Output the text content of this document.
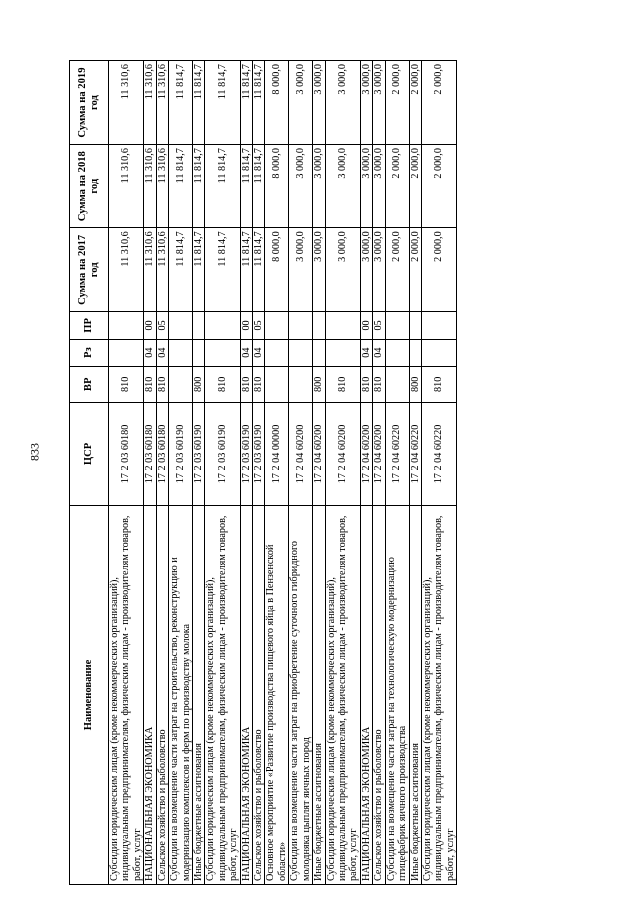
833
Наименование	ЦСР	ВР	Рз	ПР	Сумма на 2017 год	Сумма на 2018 год	Сумма на 2019 год
Субсидии юридическим лицам (кроме некоммерческих организаций), индивидуальным предпринимателям, физическим лицам - производителям товаров, работ, услуг	17 2 03 60180	810			11 310,6	11 310,6	11 310,6
НАЦИОНАЛЬНАЯ ЭКОНОМИКА	17 2 03 60180	810	04	00	11 310,6	11 310,6	11 310,6
Сельское хозяйство и рыболовство	17 2 03 60180	810	04	05	11 310,6	11 310,6	11 310,6
Субсидии на возмещение части затрат на строительство, реконструкцию и модернизацию комплексов и ферм по производству молока	17 2 03 60190				11 814,7	11 814,7	11 814,7
Иные бюджетные ассигнования	17 2 03 60190	800			11 814,7	11 814,7	11 814,7
Субсидии юридическим лицам (кроме некоммерческих организаций), индивидуальным предпринимателям, физическим лицам - производителям товаров, работ, услуг	17 2 03 60190	810			11 814,7	11 814,7	11 814,7
НАЦИОНАЛЬНАЯ ЭКОНОМИКА	17 2 03 60190	810	04	00	11 814,7	11 814,7	11 814,7
Сельское хозяйство и рыболовство	17 2 03 60190	810	04	05	11 814,7	11 814,7	11 814,7
Основное мероприятие «Развитие производства пищевого яйца в Пензенской области»	17 2 04 00000				8 000,0	8 000,0	8 000,0
Субсидии на возмещение части затрат на приобретение суточного гибридного молодняка цыплят яичных пород	17 2 04 60200				3 000,0	3 000,0	3 000,0
Иные бюджетные ассигнования	17 2 04 60200	800			3 000,0	3 000,0	3 000,0
Субсидии юридическим лицам (кроме некоммерческих организаций), индивидуальным предпринимателям, физическим лицам - производителям товаров, работ, услуг	17 2 04 60200	810			3 000,0	3 000,0	3 000,0
НАЦИОНАЛЬНАЯ ЭКОНОМИКА	17 2 04 60200	810	04	00	3 000,0	3 000,0	3 000,0
Сельское хозяйство и рыболовство	17 2 04 60200	810	04	05	3 000,0	3 000,0	3 000,0
Субсидии на возмещение части затрат на технологическую модернизацию птицефабрик яичного производства	17 2 04 60220				2 000,0	2 000,0	2 000,0
Иные бюджетные ассигнования	17 2 04 60220	800			2 000,0	2 000,0	2 000,0
Субсидии юридическим лицам (кроме некоммерческих организаций), индивидуальным предпринимателям, физическим лицам - производителям товаров, работ, услуг	17 2 04 60220	810			2 000,0	2 000,0	2 000,0
